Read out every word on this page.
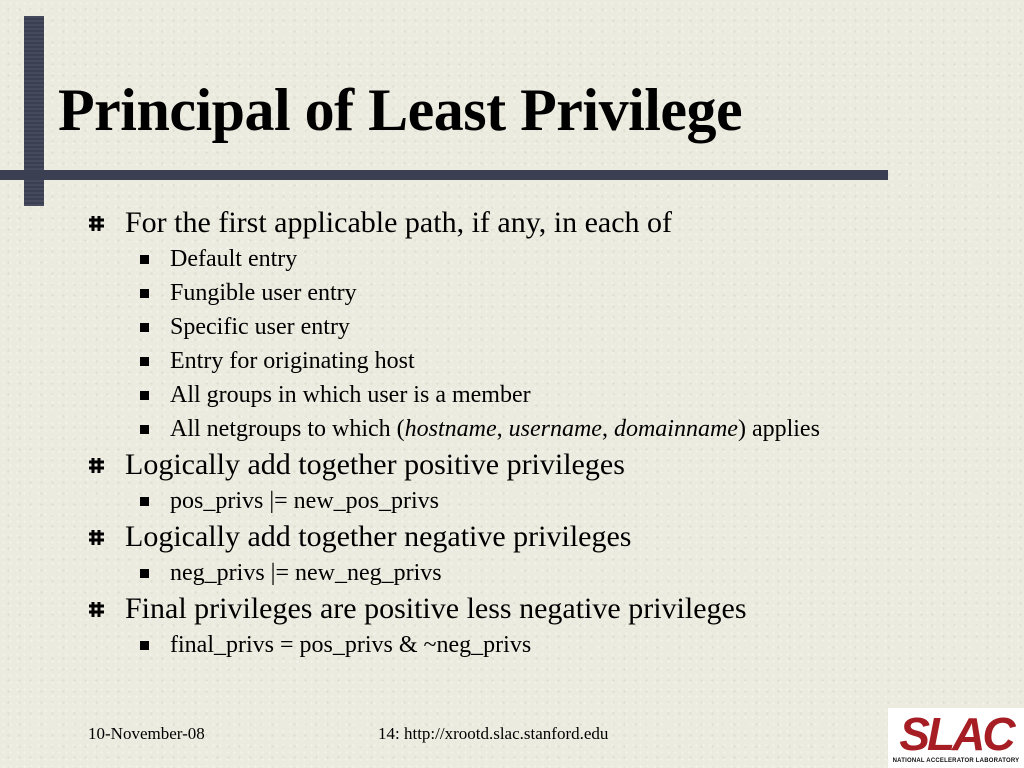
Principal of Least Privilege
For the first applicable path, if any, in each of
Default entry
Fungible user entry
Specific user entry
Entry for originating host
All groups in which user is a member
All netgroups to which (hostname, username, domainname) applies
Logically add together positive privileges
pos_privs |= new_pos_privs
Logically add together negative privileges
neg_privs |= new_neg_privs
Final privileges are positive less negative privileges
final_privs = pos_privs & ~neg_privs
10-November-08	14: http://xrootd.slac.stanford.edu	SLAC
NATIONAL ACCELERATOR LABORATORY
